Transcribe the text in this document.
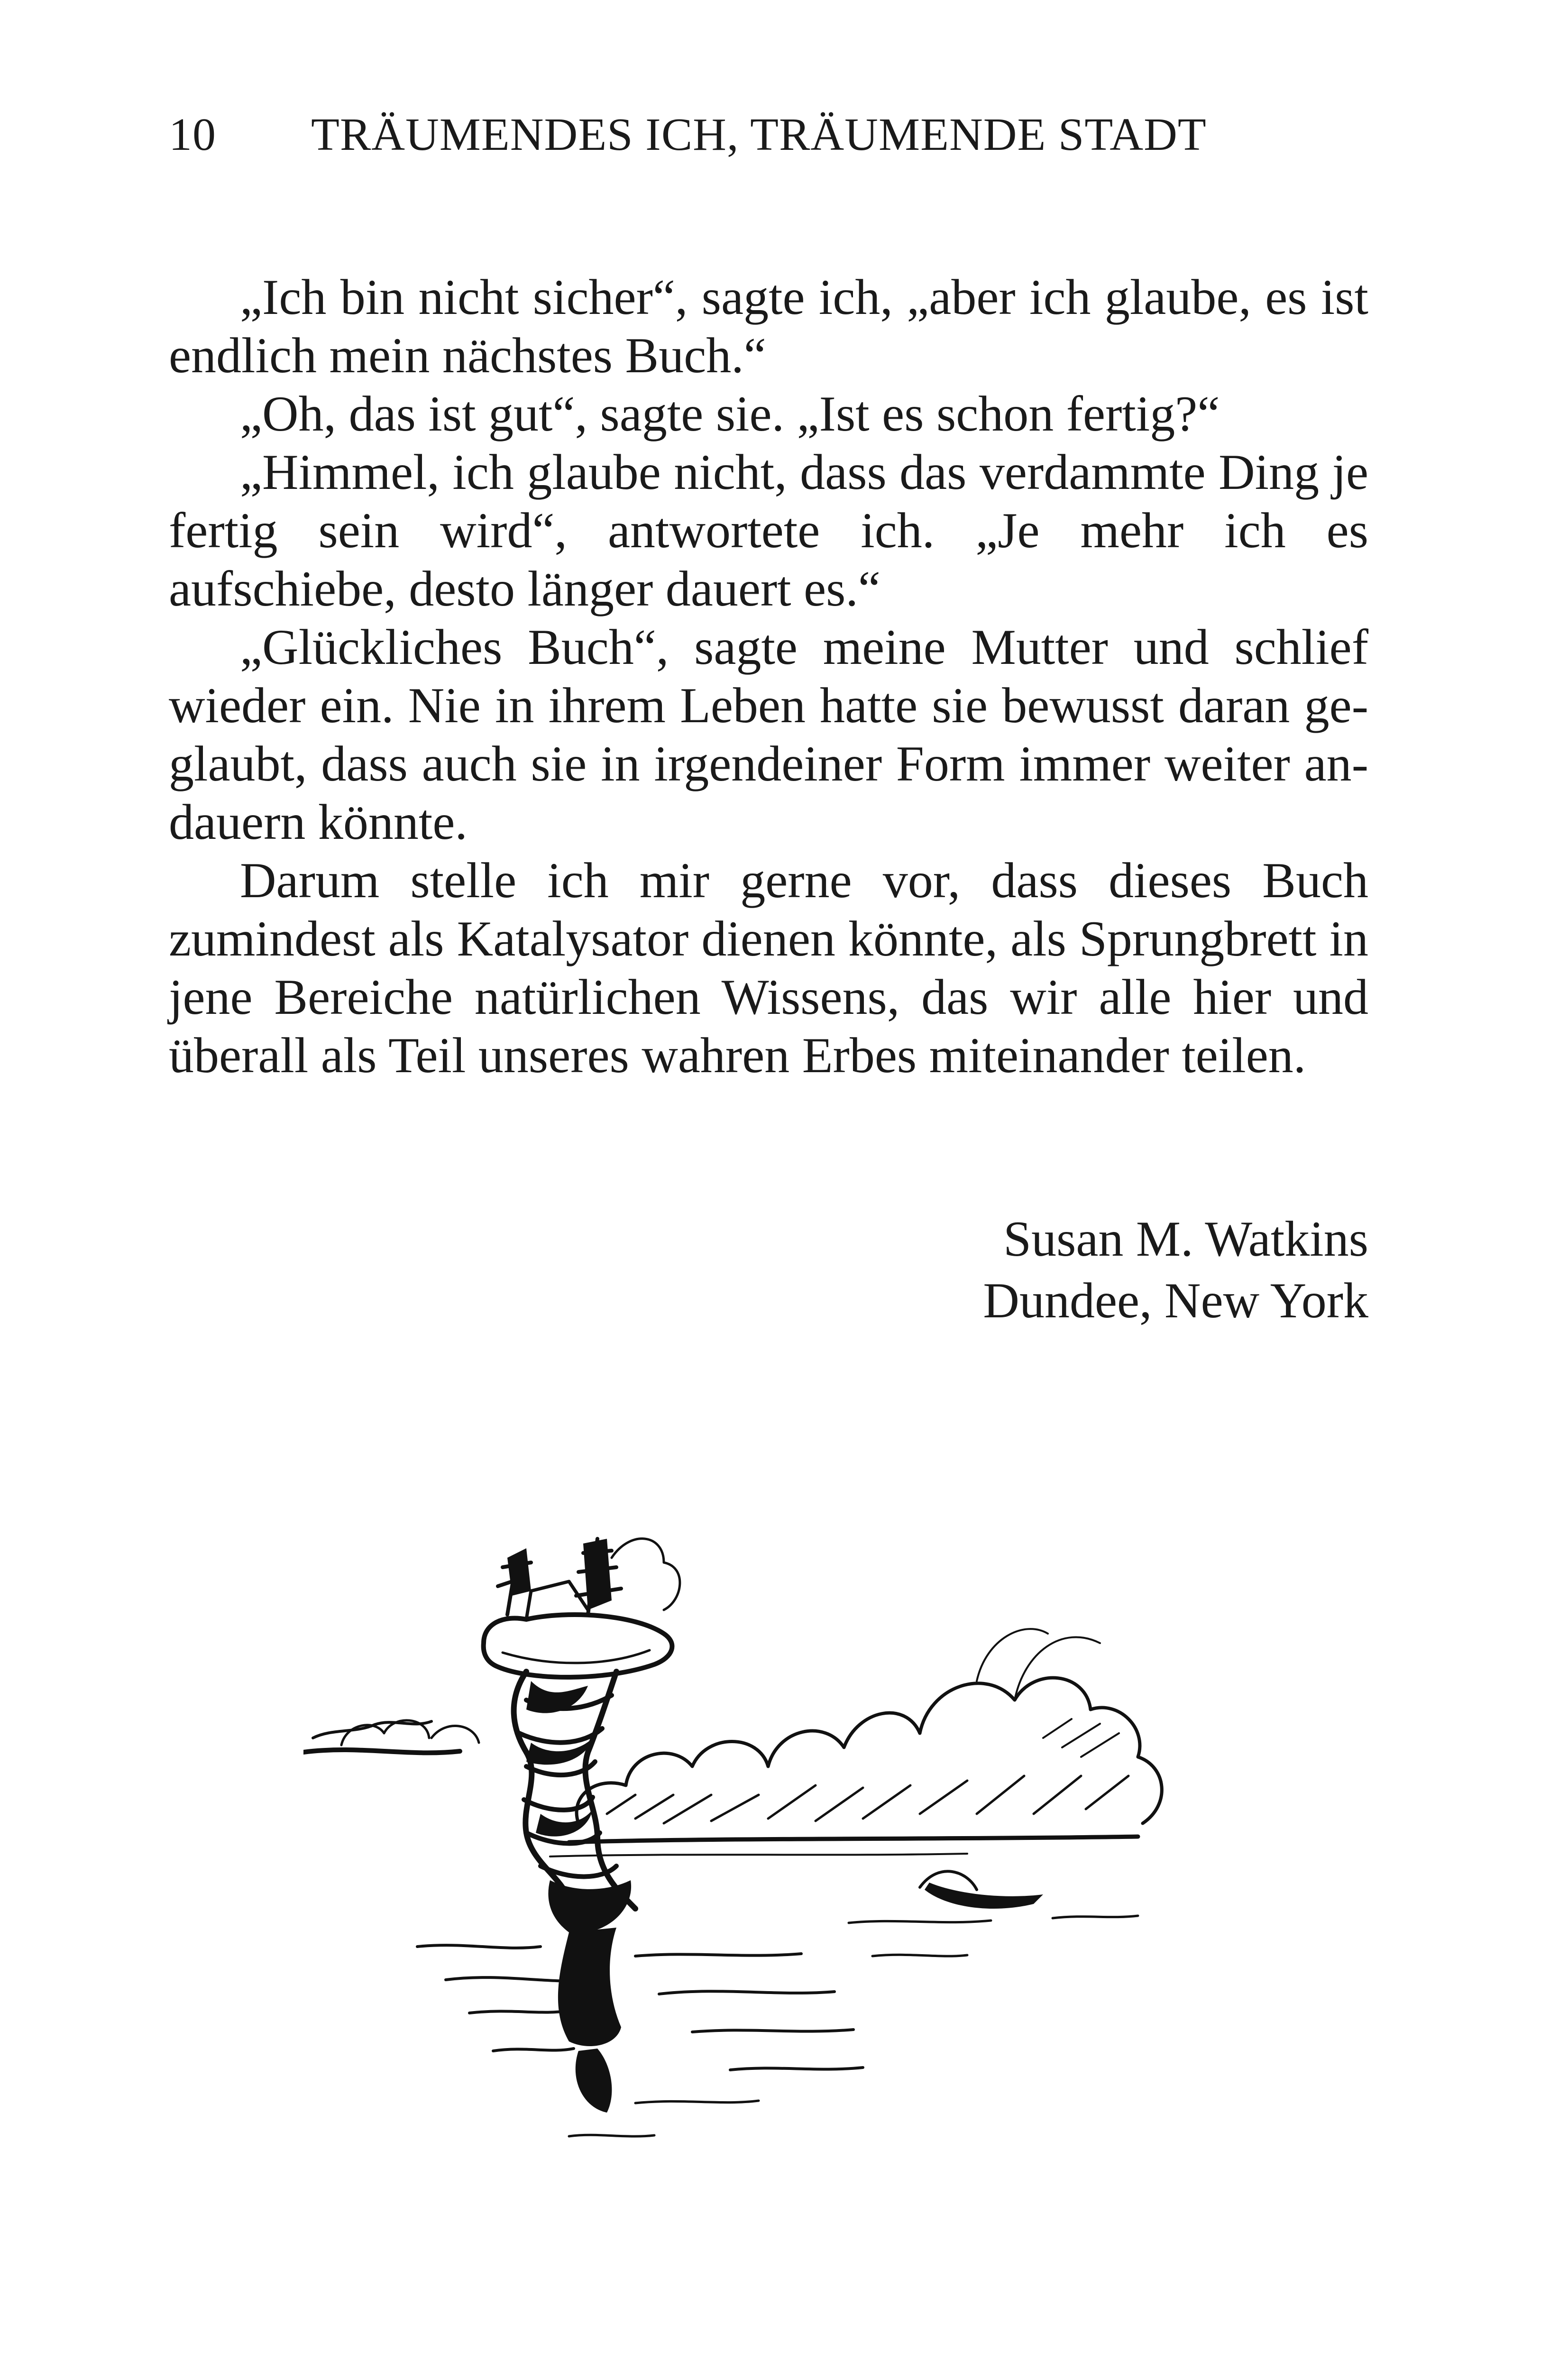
10 TRÄUMENDES ICH, TRÄUMENDE STADT

„Ich bin nicht sicher“, sagte ich, „aber ich glaube, es ist endlich mein nächstes Buch.“

„Oh, das ist gut“, sagte sie. „Ist es schon fertig?“

„Himmel, ich glaube nicht, dass das verdammte Ding je fertig sein wird“, antwortete ich. „Je mehr ich es aufschiebe, desto länger dauert es.“

„Glückliches Buch“, sagte meine Mutter und schlief wieder ein. Nie in ihrem Leben hatte sie bewusst daran geglaubt, dass auch sie in irgendeiner Form immer weiter andauern könnte.

Darum stelle ich mir gerne vor, dass dieses Buch zumindest als Katalysator dienen könnte, als Sprungbrett in jene Bereiche natürlichen Wissens, das wir alle hier und überall als Teil unseres wahren Erbes miteinander teilen.

Susan M. Watkins
Dundee, New York
